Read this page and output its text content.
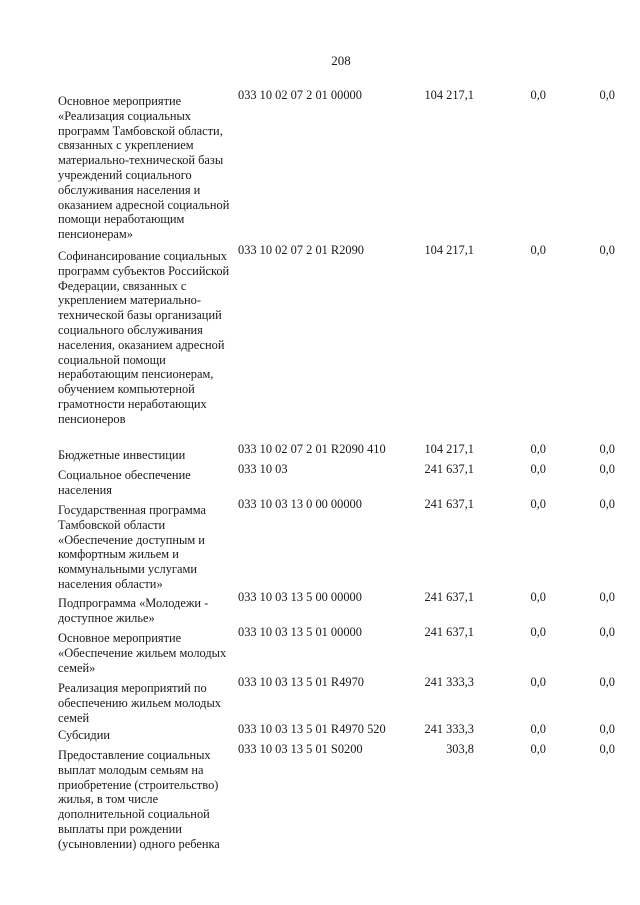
208
Основное мероприятие «Реализация социальных программ Тамбовской области, связанных с укреплением материально-технической базы учреждений социального обслуживания населения и оказанием адресной социальной помощи неработающим пенсионерам»
033 10 02 07 2 01 00000	104 217,1	0,0	0,0
Софинансирование социальных программ субъектов Российской Федерации, связанных с укреплением материально-технической базы организаций социального обслуживания населения, оказанием адресной социальной помощи неработающим пенсионерам, обучением компьютерной грамотности неработающих пенсионеров
033 10 02 07 2 01 R2090	104 217,1	0,0	0,0
Бюджетные инвестиции	033 10 02 07 2 01 R2090 410	104 217,1	0,0	0,0
Социальное обеспечение населения
033 10 03	241 637,1	0,0	0,0
Государственная программа Тамбовской области «Обеспечение доступным и комфортным жильем и коммунальными услугами населения области»
033 10 03 13 0 00 00000	241 637,1	0,0	0,0
Подпрограмма «Молодежи - доступное жилье»
033 10 03 13 5 00 00000	241 637,1	0,0	0,0
Основное мероприятие «Обеспечение жильем молодых семей»
033 10 03 13 5 01 00000	241 637,1	0,0	0,0
Реализация мероприятий по обеспечению жильем молодых семей
033 10 03 13 5 01 R4970	241 333,3	0,0	0,0
Субсидии	033 10 03 13 5 01 R4970 520	241 333,3	0,0	0,0
Предоставление социальных выплат молодым семьям на приобретение (строительство) жилья, в том числе дополнительной социальной выплаты при рождении (усыновлении) одного ребенка
033 10 03 13 5 01 S0200	303,8	0,0	0,0
